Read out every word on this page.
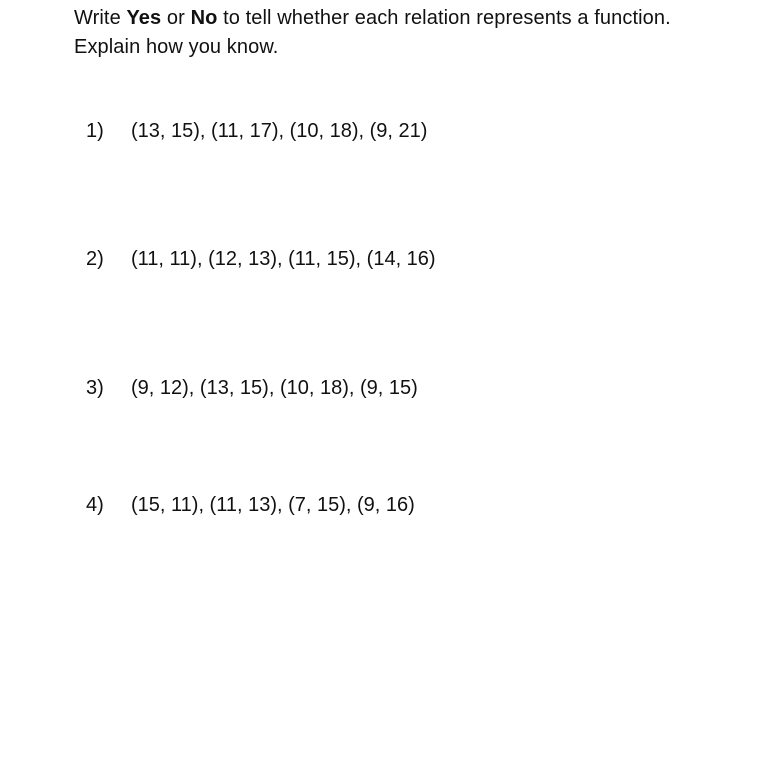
Write Yes or No to tell whether each relation represents a function. Explain how you know.
1) (13, 15), (11, 17), (10, 18), (9, 21)
2) (11, 11), (12, 13), (11, 15), (14, 16)
3) (9, 12), (13, 15), (10, 18), (9, 15)
4) (15, 11), (11, 13), (7, 15), (9, 16)
